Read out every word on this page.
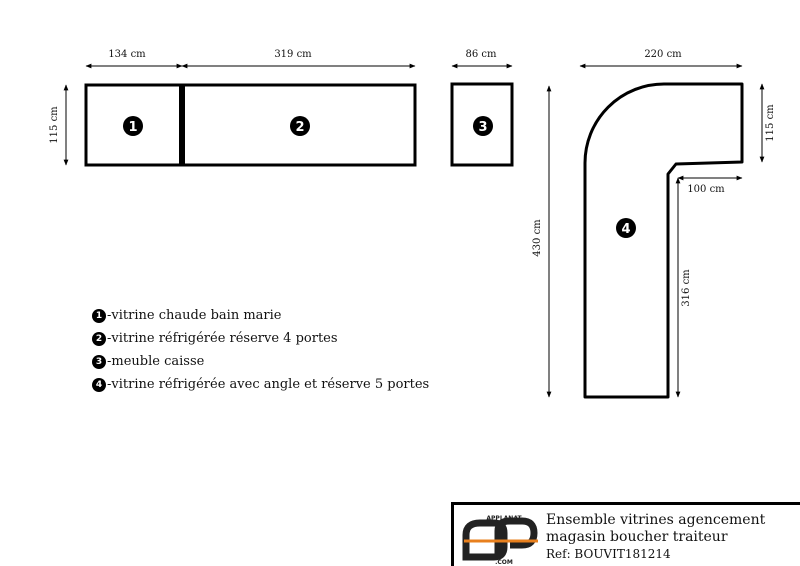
134 cm	319 cm
115 cm
86 cm	220 cm
115 cm
100 cm
430 cm
316 cm
1	2	3
4
1 -vitrine chaude bain marie
2 -vitrine réfrigérée réserve 4 portes
3 -meuble caisse
4 -vitrine réfrigérée avec angle et réserve 5 portes
APPLANAT
.COM
Ensemble vitrines agencement
magasin boucher traiteur
Ref: BOUVIT181214
